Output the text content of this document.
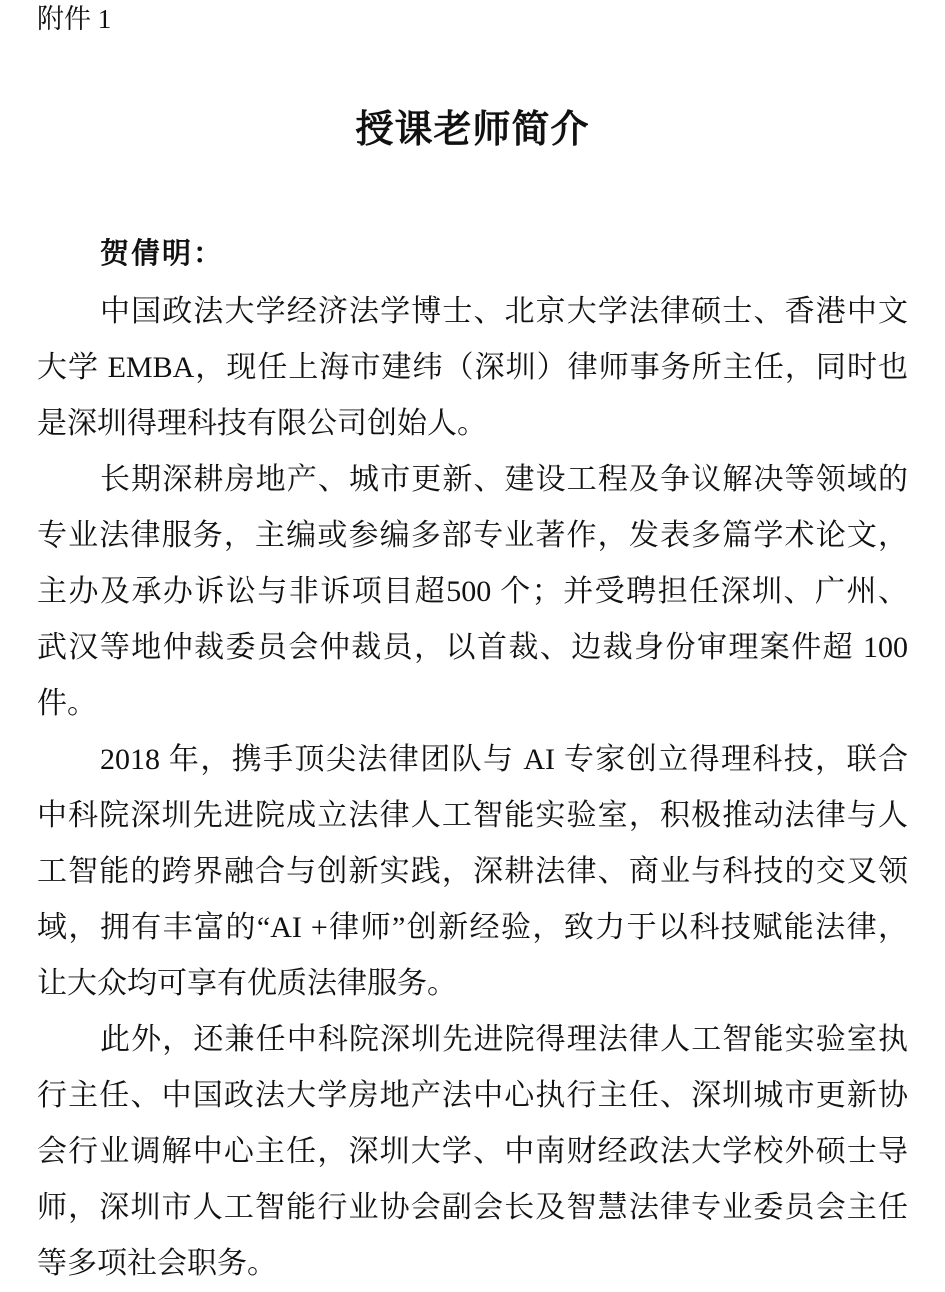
附件 1
授课老师简介
贺倩明：
中国政法大学经济法学博士、北京大学法律硕士、香港中文
大学 EMBA，现任上海市建纬（深圳）律师事务所主任，同时也
是深圳得理科技有限公司创始人。
长期深耕房地产、城市更新、建设工程及争议解决等领域的
专业法律服务，主编或参编多部专业著作，发表多篇学术论文，
主办及承办诉讼与非诉项目超500 个；并受聘担任深圳、广州、
武汉等地仲裁委员会仲裁员，以首裁、边裁身份审理案件超 100
件。
2018 年，携手顶尖法律团队与 AI 专家创立得理科技，联合
中科院深圳先进院成立法律人工智能实验室，积极推动法律与人
工智能的跨界融合与创新实践，深耕法律、商业与科技的交叉领
域，拥有丰富的“AI +律师”创新经验，致力于以科技赋能法律，
让大众均可享有优质法律服务。
此外，还兼任中科院深圳先进院得理法律人工智能实验室执
行主任、中国政法大学房地产法中心执行主任、深圳城市更新协
会行业调解中心主任，深圳大学、中南财经政法大学校外硕士导
师，深圳市人工智能行业协会副会长及智慧法律专业委员会主任
等多项社会职务。
